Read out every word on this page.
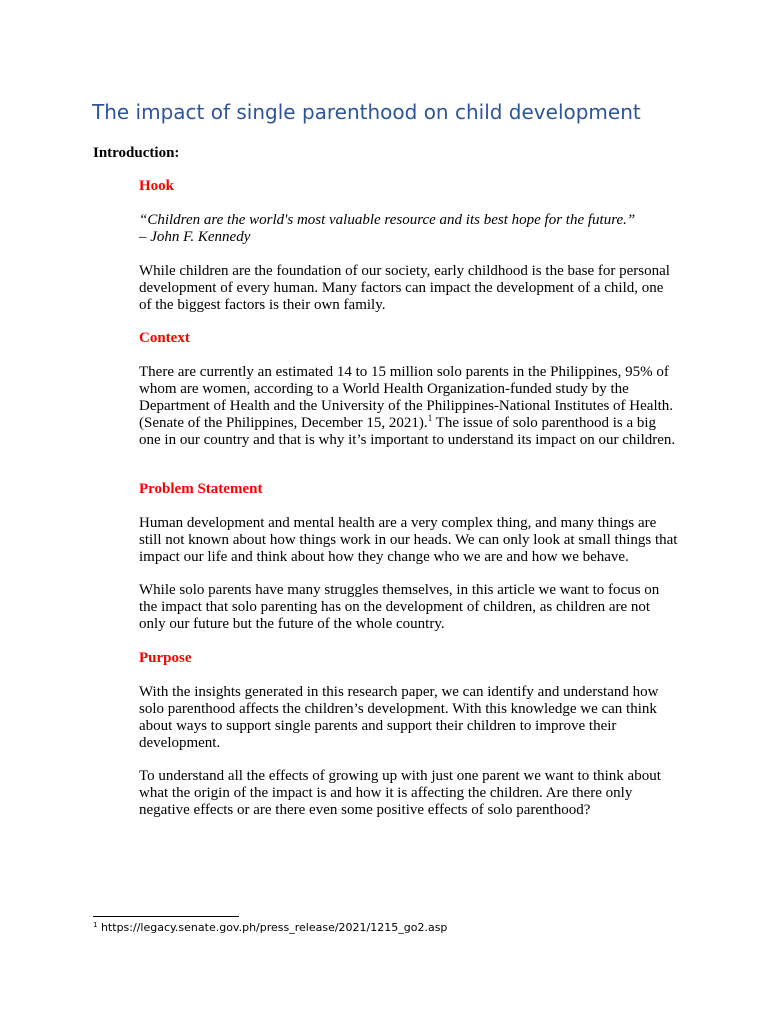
The impact of single parenthood on child development
Introduction:
Hook

“Children are the world's most valuable resource and its best hope for the future.”

– John F. Kennedy

While children are the foundation of our society, early childhood is the base for personal development of every human. Many factors can impact the development of a child, one of the biggest factors is their own family.

Context

There are currently an estimated 14 to 15 million solo parents in the Philippines, 95% of whom are women, according to a World Health Organization-funded study by the Department of Health and the University of the Philippines-National Institutes of Health. (Senate of the Philippines, December 15, 2021).$^1$ The issue of solo parenthood is a big one in our country and that is why it’s important to understand its impact on our children.

Problem Statement

Human development and mental health are a very complex thing, and many things are still not known about how things work in our heads. We can only look at small things that impact our life and think about how they change who we are and how we behave.

While solo parents have many struggles themselves, in this article we want to focus on the impact that solo parenting has on the development of children, as children are not only our future but the future of the whole country.

Purpose

With the insights generated in this research paper, we can identify and understand how solo parenthood affects the children’s development. With this knowledge we can think about ways to support single parents and support their children to improve their development.

To understand all the effects of growing up with just one parent we want to think about what the origin of the impact is and how it is affecting the children. Are there only negative effects or are there even some positive effects of solo parenthood?

$^1$ https://legacy.senate.gov.ph/press_release/2021/1215_go2.asp
